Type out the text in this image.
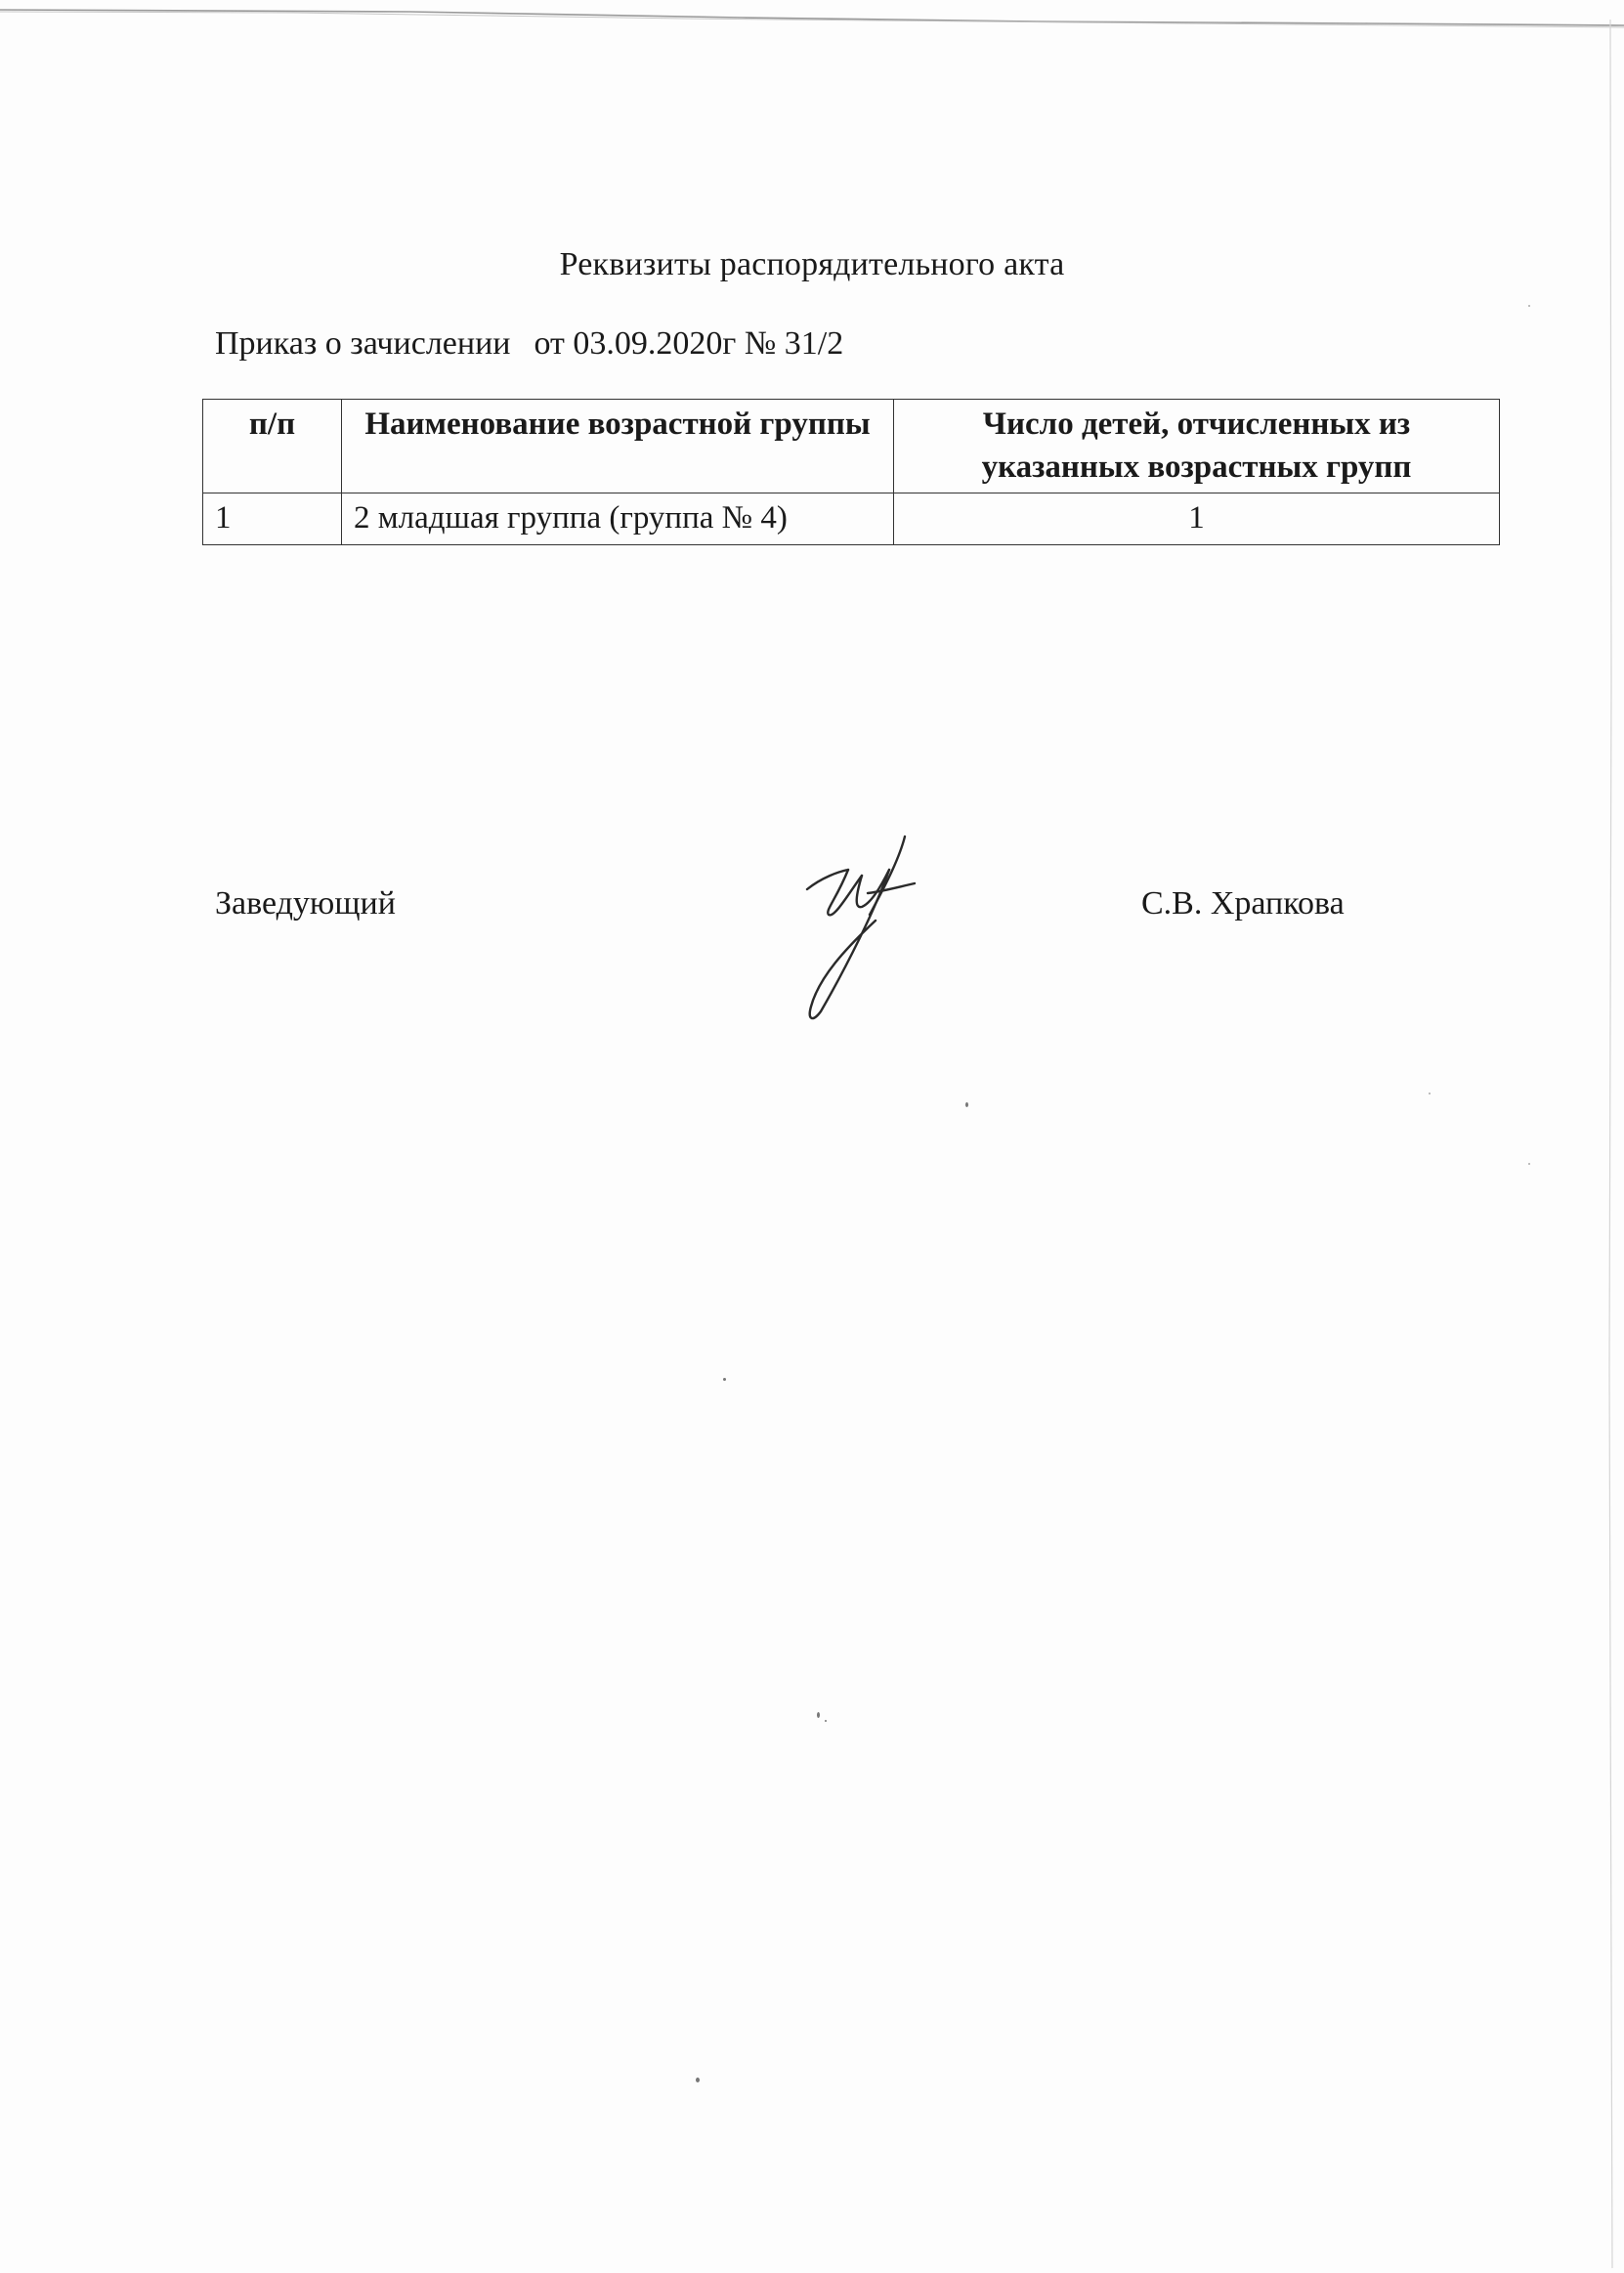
Реквизиты распорядительного акта
Приказ о зачислении от 03.09.2020г № 31/2
п/п	Наименование возрастной группы	Число детей, отчисленных из указанных возрастных групп
1	2 младшая группа (группа № 4)	1
Заведующий	С.В. Храпкова
